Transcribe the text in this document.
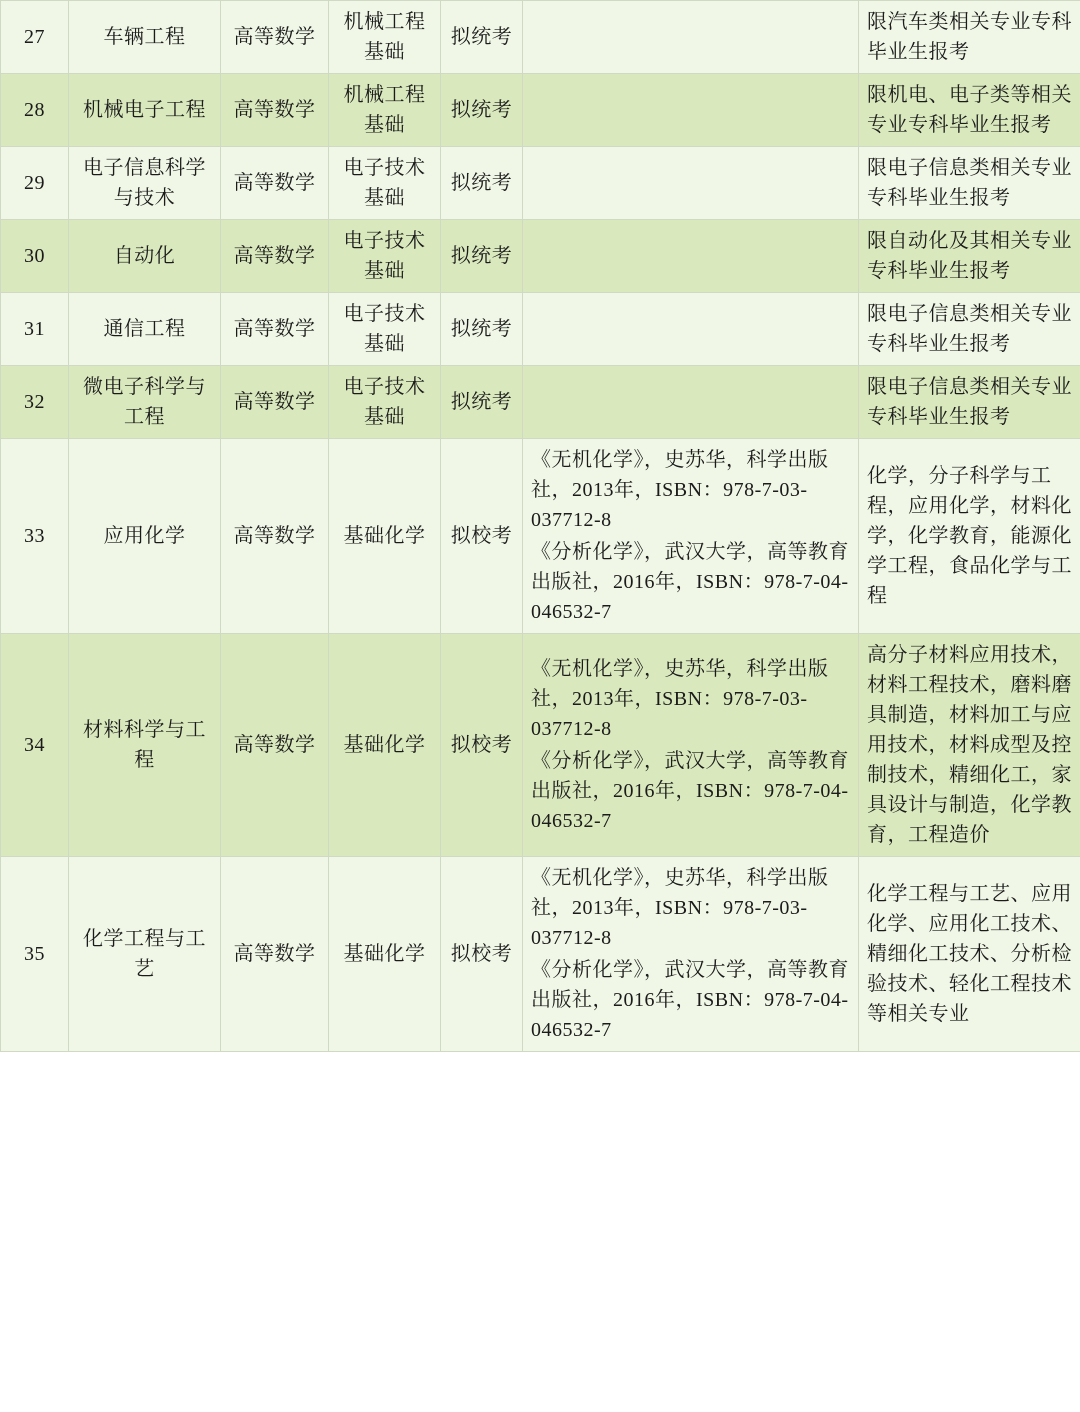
27	车辆工程	高等数学	机械工程基础	拟统考		限汽车类相关专业专科毕业生报考
28	机械电子工程	高等数学	机械工程基础	拟统考		限机电、电子类等相关专业专科毕业生报考
29	电子信息科学与技术	高等数学	电子技术基础	拟统考		限电子信息类相关专业专科毕业生报考
30	自动化	高等数学	电子技术基础	拟统考		限自动化及其相关专业专科毕业生报考
31	通信工程	高等数学	电子技术基础	拟统考		限电子信息类相关专业专科毕业生报考
32	微电子科学与工程	高等数学	电子技术基础	拟统考		限电子信息类相关专业专科毕业生报考
33	应用化学	高等数学	基础化学	拟校考	《无机化学》，史苏华，科学出版社，2013年，ISBN：978-7-03-037712-8
《分析化学》，武汉大学，高等教育出版社，2016年，ISBN：978-7-04-046532-7	化学，分子科学与工程，应用化学，材料化学，化学教育，能源化学工程，食品化学与工程
34	材料科学与工程	高等数学	基础化学	拟校考	《无机化学》，史苏华，科学出版社，2013年，ISBN：978-7-03-037712-8
《分析化学》，武汉大学，高等教育出版社，2016年，ISBN：978-7-04-046532-7	高分子材料应用技术，材料工程技术，磨料磨具制造，材料加工与应用技术，材料成型及控制技术，精细化工，家具设计与制造，化学教育，工程造价
35	化学工程与工艺	高等数学	基础化学	拟校考	《无机化学》，史苏华，科学出版社，2013年，ISBN：978-7-03-037712-8
《分析化学》，武汉大学，高等教育出版社，2016年，ISBN：978-7-04-046532-7	化学工程与工艺、应用化学、应用化工技术、精细化工技术、分析检验技术、轻化工程技术等相关专业
